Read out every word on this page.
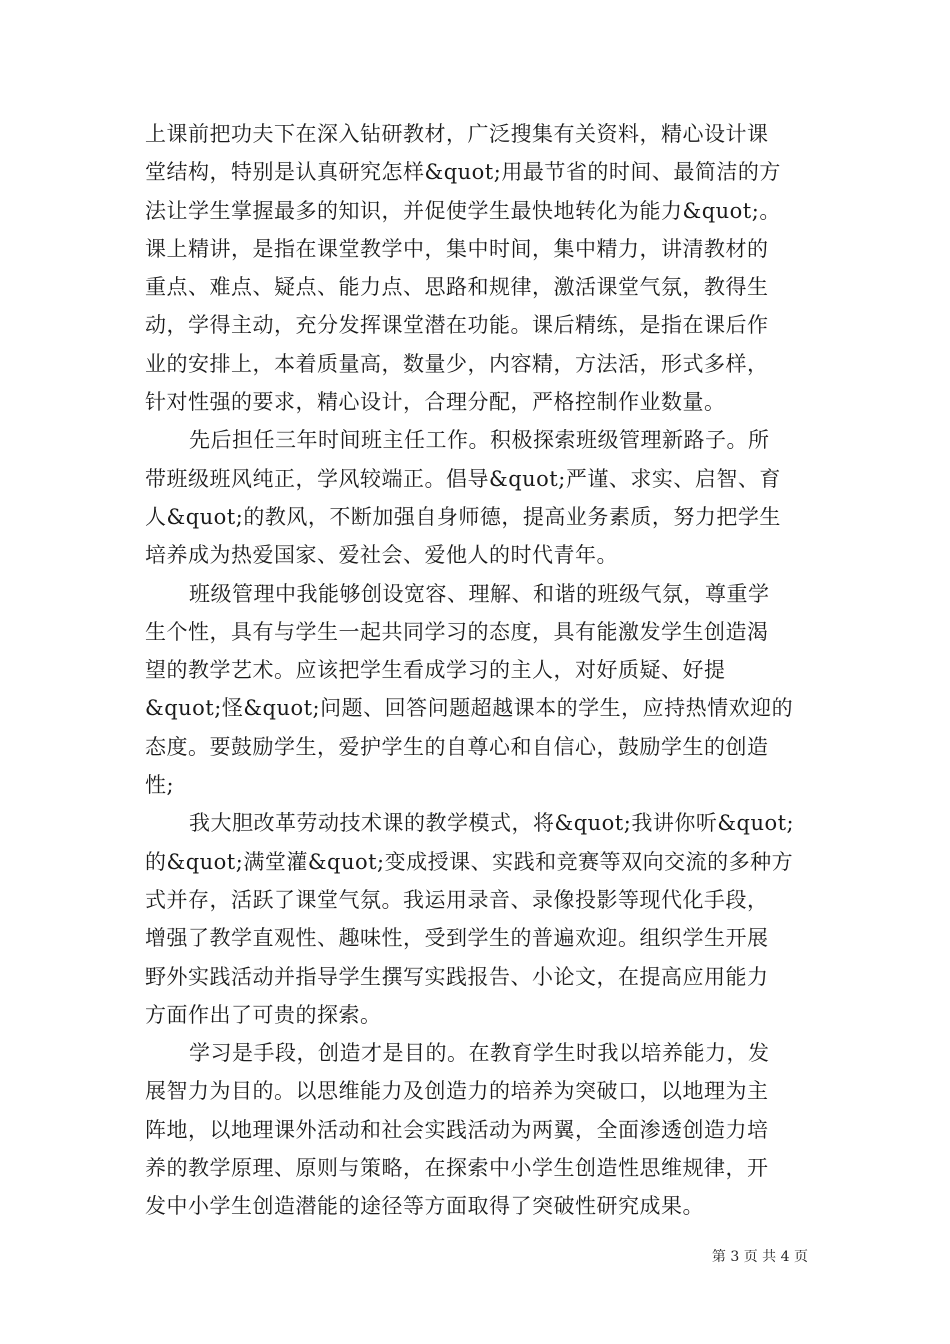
上课前把功夫下在深入钻研教材，广泛搜集有关资料，精心设计课
堂结构，特别是认真研究怎样&quot;用最节省的时间、最简洁的方
法让学生掌握最多的知识，并促使学生最快地转化为能力&quot;。
课上精讲，是指在课堂教学中，集中时间，集中精力，讲清教材的
重点、难点、疑点、能力点、思路和规律，激活课堂气氛，教得生
动，学得主动，充分发挥课堂潜在功能。课后精练，是指在课后作
业的安排上，本着质量高，数量少，内容精，方法活，形式多样，
针对性强的要求，精心设计，合理分配，严格控制作业数量。
先后担任三年时间班主任工作。积极探索班级管理新路子。所
带班级班风纯正，学风较端正。倡导&quot;严谨、求实、启智、育
人&quot;的教风，不断加强自身师德，提高业务素质，努力把学生
培养成为热爱国家、爱社会、爱他人的时代青年。
班级管理中我能够创设宽容、理解、和谐的班级气氛，尊重学
生个性，具有与学生一起共同学习的态度，具有能激发学生创造渴
望的教学艺术。应该把学生看成学习的主人，对好质疑、好提
&quot;怪&quot;问题、回答问题超越课本的学生，应持热情欢迎的
态度。要鼓励学生，爱护学生的自尊心和自信心，鼓励学生的创造
性;
我大胆改革劳动技术课的教学模式，将&quot;我讲你听&quot;
的&quot;满堂灌&quot;变成授课、实践和竞赛等双向交流的多种方
式并存，活跃了课堂气氛。我运用录音、录像投影等现代化手段，
增强了教学直观性、趣味性，受到学生的普遍欢迎。组织学生开展
野外实践活动并指导学生撰写实践报告、小论文，在提高应用能力
方面作出了可贵的探索。
学习是手段，创造才是目的。在教育学生时我以培养能力，发
展智力为目的。以思维能力及创造力的培养为突破口，以地理为主
阵地，以地理课外活动和社会实践活动为两翼，全面渗透创造力培
养的教学原理、原则与策略，在探索中小学生创造性思维规律，开
发中小学生创造潜能的途径等方面取得了突破性研究成果。
第 3 页 共 4 页
